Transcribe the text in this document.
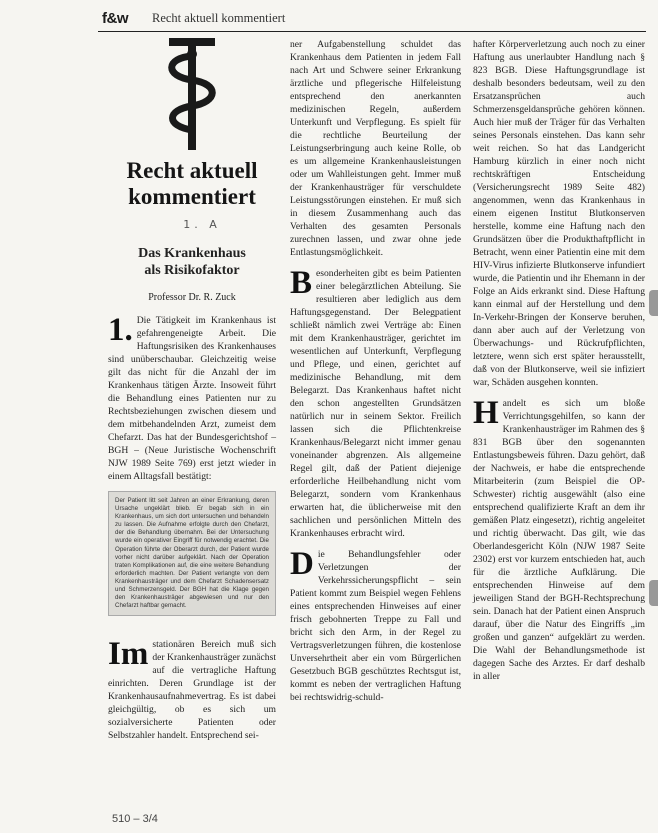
f&w Recht aktuell kommentiert
Recht aktuell
kommentiert
1. A
Das Krankenhaus
als Risikofaktor
Professor Dr. R. Zuck
1. Die Tätigkeit im Krankenhaus ist gefahrengeneigte Arbeit. Die Haftungsrisiken des Krankenhauses sind unüberschaubar. Gleichzeitig weise gilt das nicht für die Anzahl der im Krankenhaus tätigen Ärzte. Insoweit führt die Behandlung eines Patienten nur zu Rechtsbeziehungen zwischen diesem und dem mitbehandelnden Arzt, zumeist dem Chefarzt. Das hat der Bundesgerichtshof – BGH – (Neue Juristische Wochenschrift NJW 1989 Seite 769) erst jetzt wieder in einem Alltagsfall bestätigt:
Der Patient litt seit Jahren an einer Erkrankung, deren Ursache ungeklärt blieb. Er begab sich in ein Krankenhaus, um sich dort untersuchen und behandeln zu lassen. Die Aufnahme erfolgte durch den Chefarzt, der die Behandlung übernahm. Bei der Untersuchung wurde ein operativer Eingriff für notwendig erachtet. Die Operation führte der Oberarzt durch, der Patient wurde vorher nicht darüber aufgeklärt. Nach der Operation traten Komplikationen auf, die eine weitere Behandlung erforderlich machten. Der Patient verlangte von dem Krankenhausträger und dem Chefarzt Schadensersatz und Schmerzensgeld. Der BGH hat die Klage gegen den Krankenhausträger abgewiesen und nur den Chefarzt haftbar gemacht.
Im stationären Bereich muß sich der Krankenhausträger zunächst auf die vertragliche Haftung einrichten. Deren Grundlage ist der Krankenhausaufnahmevertrag. Es ist dabei gleichgültig, ob es sich um sozialversicherte Patienten oder Selbstzahler handelt. Entsprechend sei-
ner Aufgabenstellung schuldet das Krankenhaus dem Patienten in jedem Fall nach Art und Schwere seiner Erkrankung ärztliche und pflegerische Hilfeleistung entsprechend den anerkannten medizinischen Regeln, außerdem Unterkunft und Verpflegung. Es spielt für die rechtliche Beurteilung der Leistungserbringung auch keine Rolle, ob es um allgemeine Krankenhausleistungen oder um Wahlleistungen geht. Immer muß der Krankenhausträger für verschuldete Leistungsstörungen einstehen. Er muß sich in diesem Zusammenhang auch das Verhalten des gesamten Personals zurechnen lassen, und zwar ohne jede Entlastungsmöglichkeit.
B esonderheiten gibt es beim Patienten einer belegärztlichen Abteilung. Sie resultieren aber lediglich aus dem Haftungsgegenstand. Der Belegpatient schließt nämlich zwei Verträge ab: Einen mit dem Krankenhausträger, gerichtet im wesentlichen auf Unterkunft, Verpflegung und Pflege, und einen, gerichtet auf medizinische Behandlung, mit dem Belegarzt. Das Krankenhaus haftet nicht den schon angestellten Grundsätzen natürlich nur in seinem Sektor. Freilich lassen sich die Pflichtenkreise Krankenhaus/Belegarzt nicht immer genau voneinander abgrenzen. Als allgemeine Regel gilt, daß der Patient diejenige erforderliche Heilbehandlung nicht vom Belegarzt, sondern vom Krankenhaus erwarten hat, die üblicherweise mit den sachlichen und persönlichen Mitteln des Krankenhauses erbracht wird.
D ie Behandlungsfehler oder Verletzungen der Verkehrssicherungspflicht – sein Patient kommt zum Beispiel wegen Fehlens eines entsprechenden Hinweises auf einer frisch gebohnerten Treppe zu Fall und bricht sich den Arm, in der Regel zu Vertragsverletzungen führen, die kostenlose Unversehrtheit aber ein vom Bürgerlichen Gesetzbuch BGB geschütztes Rechtsgut ist, kommt es neben der vertraglichen Haftung bei rechtswidrig-schuld-
hafter Körperverletzung auch noch zu einer Haftung aus unerlaubter Handlung nach § 823 BGB. Diese Haftungsgrundlage ist deshalb besonders bedeutsam, weil zu den Ersatzansprüchen auch Schmerzensgeldansprüche gehören können. Auch hier muß der Träger für das Verhalten seines Personals einstehen. Das kann sehr weit reichen. So hat das Landgericht Hamburg kürzlich in einer noch nicht rechtskräftigen Entscheidung (Versicherungsrecht 1989 Seite 482) angenommen, wenn das Krankenhaus in einem eigenen Institut Blutkonserven herstelle, komme eine Haftung nach den Grundsätzen über die Produkthaftpflicht in Betracht, wenn einer Patientin eine mit dem HIV-Virus infizierte Blutkonserve infundiert wurde, die Patientin und ihr Ehemann in der Folge an Aids erkrankt sind. Diese Haftung kann einmal auf der Herstellung und dem In-Verkehr-Bringen der Konserve beruhen, dann aber auch auf der Verletzung von Überwachungs- und Rückrufpflichten, letztere, wenn sich erst später herausstellt, daß von der Blutkonserve, weil sie infiziert war, Schäden ausgehen konnten.
H andelt es sich um bloße Verrichtungsgehilfen, so kann der Krankenhausträger im Rahmen des § 831 BGB über den sogenannten Entlastungsbeweis führen. Dazu gehört, daß der Nachweis, er habe die entsprechende Mitarbeiterin (zum Beispiel die OP-Schwester) richtig ausgewählt (also eine entsprechend qualifizierte Kraft an dem ihr gemäßen Platz eingesetzt), richtig angeleitet und richtig überwacht. Das gilt, wie das Oberlandesgericht Köln (NJW 1987 Seite 2302) erst vor kurzem entschieden hat, auch für die ärztliche Aufklärung. Die entsprechenden Hinweise auf dem jeweiligen Stand der BGH-Rechtsprechung sein. Danach hat der Patient einen Anspruch darauf, über die Natur des Eingriffs „im großen und ganzen“ aufgeklärt zu werden. Die Wahl der Behandlungsmethode ist dagegen Sache des Arztes. Er darf deshalb in aller
510 – 3/4
